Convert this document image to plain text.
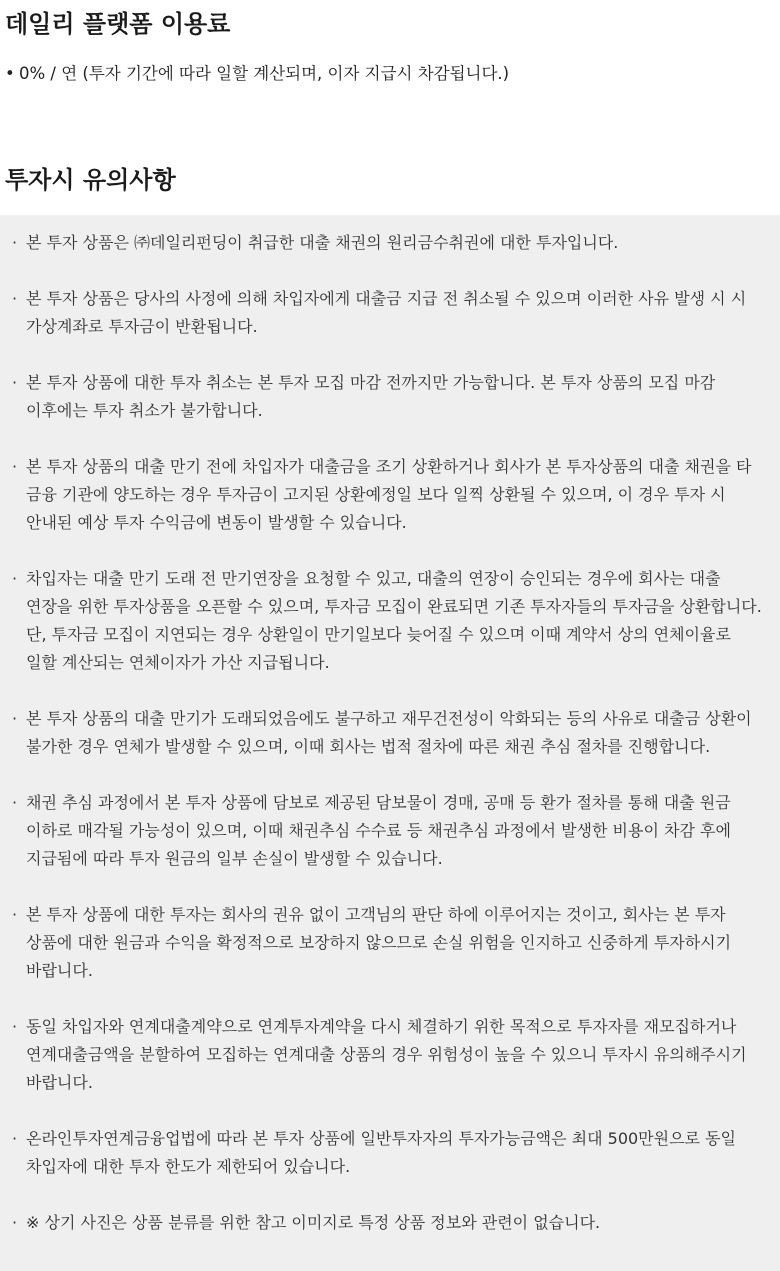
데일리 플랫폼 이용료
• 0% / 연 (투자 기간에 따라 일할 계산되며, 이자 지급시 차감됩니다.)
투자시 유의사항
· 본 투자 상품은 ㈜데일리펀딩이 취급한 대출 채권의 원리금수취권에 대한 투자입니다.
· 본 투자 상품은 당사의 사정에 의해 차입자에게 대출금 지급 전 취소될 수 있으며 이러한 사유 발생 시 시 가상계좌로 투자금이 반환됩니다.
· 본 투자 상품에 대한 투자 취소는 본 투자 모집 마감 전까지만 가능합니다. 본 투자 상품의 모집 마감 이후에는 투자 취소가 불가합니다.
· 본 투자 상품의 대출 만기 전에 차입자가 대출금을 조기 상환하거나 회사가 본 투자상품의 대출 채권을 타 금융 기관에 양도하는 경우 투자금이 고지된 상환예정일 보다 일찍 상환될 수 있으며, 이 경우 투자 시 안내된 예상 투자 수익금에 변동이 발생할 수 있습니다.
· 차입자는 대출 만기 도래 전 만기연장을 요청할 수 있고, 대출의 연장이 승인되는 경우에 회사는 대출 연장을 위한 투자상품을 오픈할 수 있으며, 투자금 모집이 완료되면 기존 투자자들의 투자금을 상환합니다. 단, 투자금 모집이 지연되는 경우 상환일이 만기일보다 늦어질 수 있으며 이때 계약서 상의 연체이율로 일할 계산되는 연체이자가 가산 지급됩니다.
· 본 투자 상품의 대출 만기가 도래되었음에도 불구하고 재무건전성이 악화되는 등의 사유로 대출금 상환이 불가한 경우 연체가 발생할 수 있으며, 이때 회사는 법적 절차에 따른 채권 추심 절차를 진행합니다.
· 채권 추심 과정에서 본 투자 상품에 담보로 제공된 담보물이 경매, 공매 등 환가 절차를 통해 대출 원금 이하로 매각될 가능성이 있으며, 이때 채권추심 수수료 등 채권추심 과정에서 발생한 비용이 차감 후에 지급됨에 따라 투자 원금의 일부 손실이 발생할 수 있습니다.
· 본 투자 상품에 대한 투자는 회사의 권유 없이 고객님의 판단 하에 이루어지는 것이고, 회사는 본 투자 상품에 대한 원금과 수익을 확정적으로 보장하지 않으므로 손실 위험을 인지하고 신중하게 투자하시기 바랍니다.
· 동일 차입자와 연계대출계약으로 연계투자계약을 다시 체결하기 위한 목적으로 투자자를 재모집하거나 연계대출금액을 분할하여 모집하는 연계대출 상품의 경우 위험성이 높을 수 있으니 투자시 유의해주시기 바랍니다.
· 온라인투자연계금융업법에 따라 본 투자 상품에 일반투자자의 투자가능금액은 최대 500만원으로 동일 차입자에 대한 투자 한도가 제한되어 있습니다.
· ※ 상기 사진은 상품 분류를 위한 참고 이미지로 특정 상품 정보와 관련이 없습니다.
